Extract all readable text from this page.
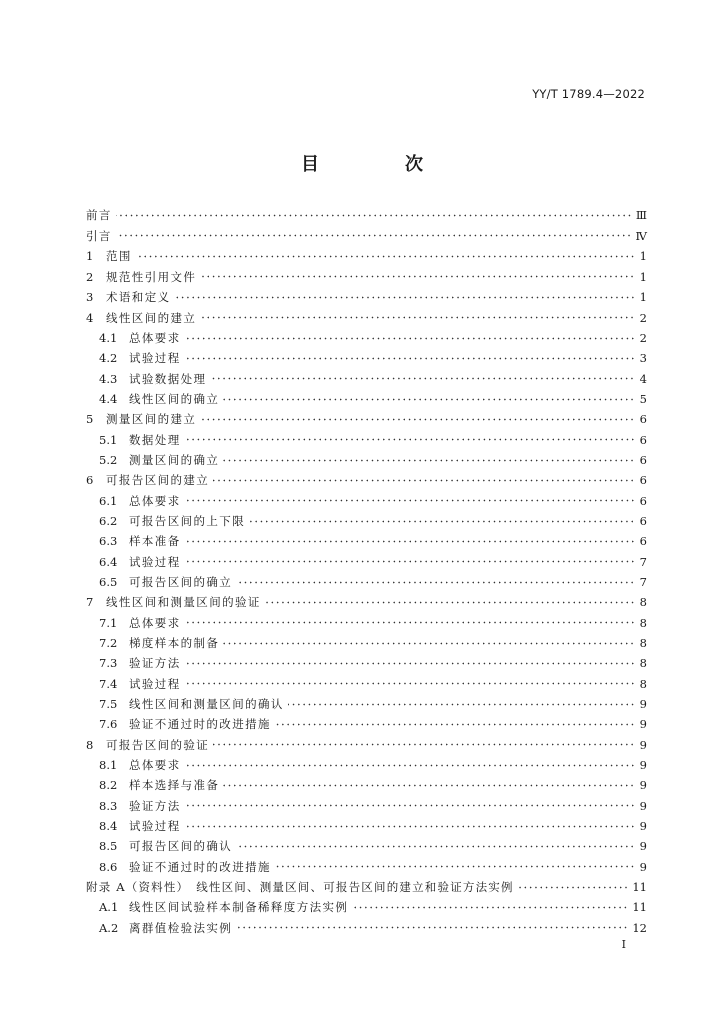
YY/T 1789.4—2022
目　次
前言	Ⅲ
引言	Ⅳ
1	范围	1
2	规范性引用文件	1
3	术语和定义	1
4	线性区间的建立	2
4.1	总体要求	2
4.2	试验过程	3
4.3	试验数据处理	4
4.4	线性区间的确立	5
5	测量区间的建立	6
5.1	数据处理	6
5.2	测量区间的确立	6
6	可报告区间的建立	6
6.1	总体要求	6
6.2	可报告区间的上下限	6
6.3	样本准备	6
6.4	试验过程	7
6.5	可报告区间的确立	7
7	线性区间和测量区间的验证	8
7.1	总体要求	8
7.2	梯度样本的制备	8
7.3	验证方法	8
7.4	试验过程	8
7.5	线性区间和测量区间的确认	9
7.6	验证不通过时的改进措施	9
8	可报告区间的验证	9
8.1	总体要求	9
8.2	样本选择与准备	9
8.3	验证方法	9
8.4	试验过程	9
8.5	可报告区间的确认	9
8.6	验证不通过时的改进措施	9
附录 A（资料性）　线性区间、测量区间、可报告区间的建立和验证方法实例	11
A.1 线性区间试验样本制备稀释度方法实例	11
A.2 离群值检验法实例	12
I
